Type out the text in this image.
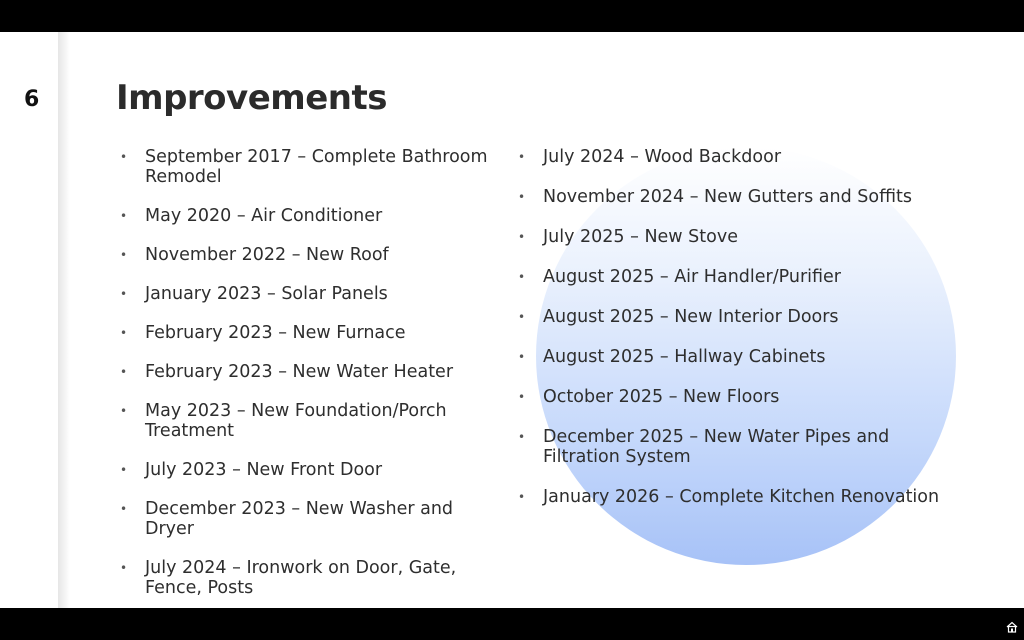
6 Improvements
• September 2017 – Complete Bathroom Remodel
• May 2020 – Air Conditioner
• November 2022 – New Roof
• January 2023 – Solar Panels
• February 2023 – New Furnace
• February 2023 – New Water Heater
• May 2023 – New Foundation/Porch Treatment
• July 2023 – New Front Door
• December 2023 – New Washer and Dryer
• July 2024 – Ironwork on Door, Gate, Fence, Posts
• July 2024 – Wood Backdoor
• November 2024 – New Gutters and Soffits
• July 2025 – New Stove
• August 2025 – Air Handler/Purifier
• August 2025 – New Interior Doors
• August 2025 – Hallway Cabinets
• October 2025 – New Floors
• December 2025 – New Water Pipes and Filtration System
• January 2026 – Complete Kitchen Renovation
